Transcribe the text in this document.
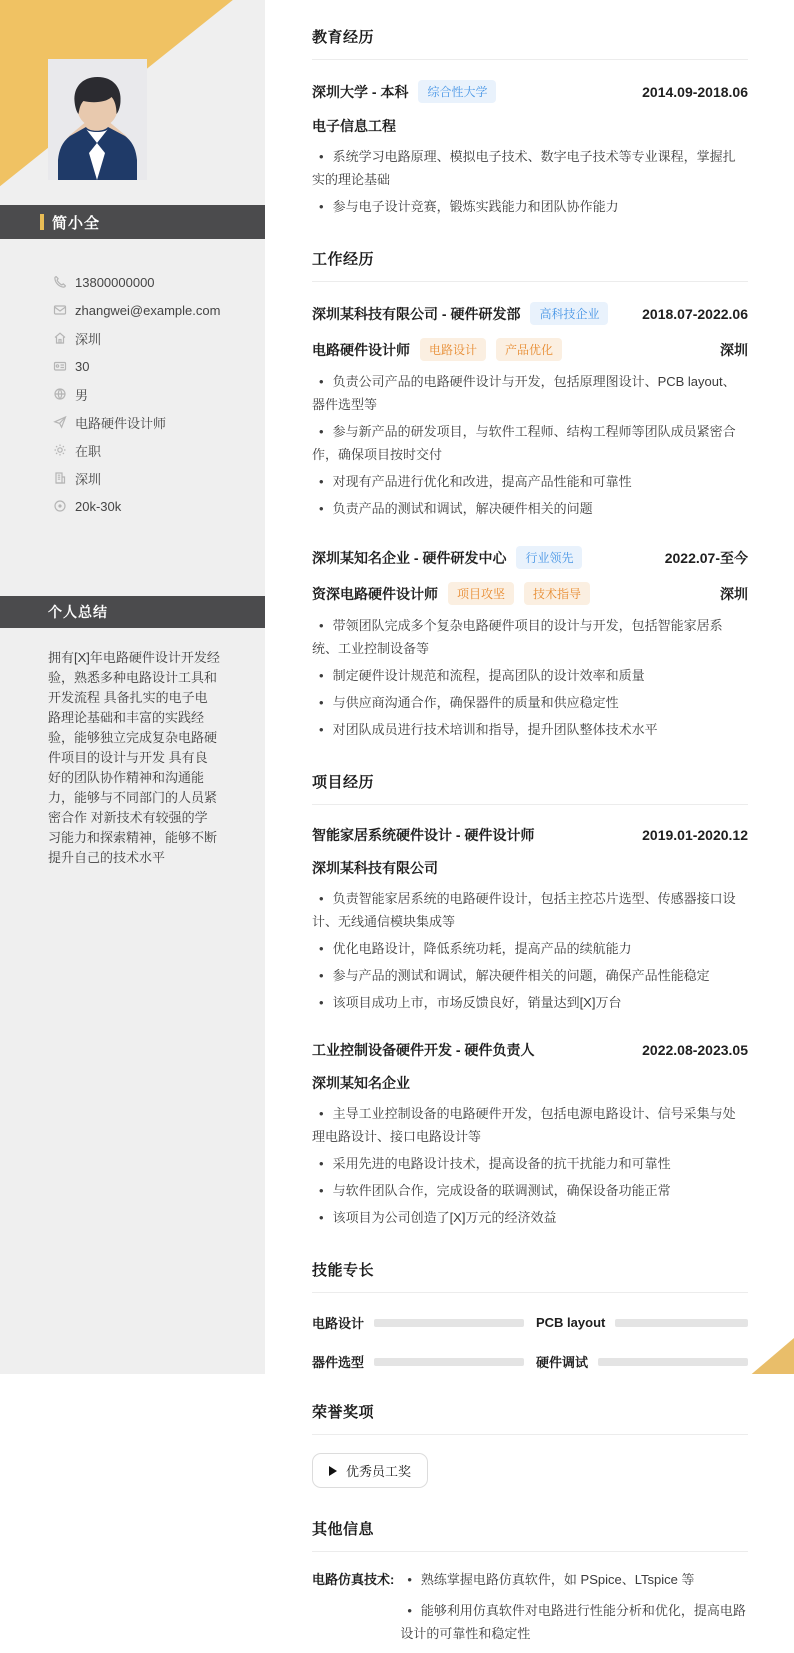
简小全
13800000000
zhangwei@example.com
深圳
30
男
电路硬件设计师
在职
深圳
20k-30k
个人总结

拥有[X]年电路硬件设计开发经验，熟悉多种电路设计工具和开发流程 具备扎实的电子电路理论基础和丰富的实践经验，能够独立完成复杂电路硬件项目的设计与开发 具有良好的团队协作精神和沟通能力，能够与不同部门的人员紧密合作 对新技术有较强的学习能力和探索精神，能够不断提升自己的技术水平

教育经历
深圳大学 - 本科	综合性大学	2014.09-2018.06
电子信息工程
• 系统学习电路原理、模拟电子技术、数字电子技术等专业课程，掌握扎实的理论基础
• 参与电子设计竞赛，锻炼实践能力和团队协作能力
工作经历
深圳某科技有限公司 - 硬件研发部	高科技企业	2018.07-2022.06
电路硬件设计师	电路设计	产品优化	深圳
• 负责公司产品的电路硬件设计与开发，包括原理图设计、PCB layout、器件选型等
• 参与新产品的研发项目，与软件工程师、结构工程师等团队成员紧密合作，确保项目按时交付
• 对现有产品进行优化和改进，提高产品性能和可靠性
• 负责产品的测试和调试，解决硬件相关的问题
深圳某知名企业 - 硬件研发中心	行业领先	2022.07-至今
资深电路硬件设计师	项目攻坚	技术指导	深圳
• 带领团队完成多个复杂电路硬件项目的设计与开发，包括智能家居系统、工业控制设备等
• 制定硬件设计规范和流程，提高团队的设计效率和质量
• 与供应商沟通合作，确保器件的质量和供应稳定性
• 对团队成员进行技术培训和指导，提升团队整体技术水平
项目经历
智能家居系统硬件设计 - 硬件设计师	2019.01-2020.12
深圳某科技有限公司
• 负责智能家居系统的电路硬件设计，包括主控芯片选型、传感器接口设计、无线通信模块集成等
• 优化电路设计，降低系统功耗，提高产品的续航能力
• 参与产品的测试和调试，解决硬件相关的问题，确保产品性能稳定
• 该项目成功上市，市场反馈良好，销量达到[X]万台
工业控制设备硬件开发 - 硬件负责人	2022.08-2023.05
深圳某知名企业
• 主导工业控制设备的电路硬件开发，包括电源电路设计、信号采集与处理电路设计、接口电路设计等
• 采用先进的电路设计技术，提高设备的抗干扰能力和可靠性
• 与软件团队合作，完成设备的联调测试，确保设备功能正常
• 该项目为公司创造了[X]万元的经济效益
技能专长
电路设计	PCB layout
器件选型	硬件调试
荣誉奖项
优秀员工奖
其他信息
电路仿真技术:	• 熟练掌握电路仿真软件，如 PSpice、LTspice 等
• 能够利用仿真软件对电路进行性能分析和优化，提高电路设计的可靠性和稳定性
